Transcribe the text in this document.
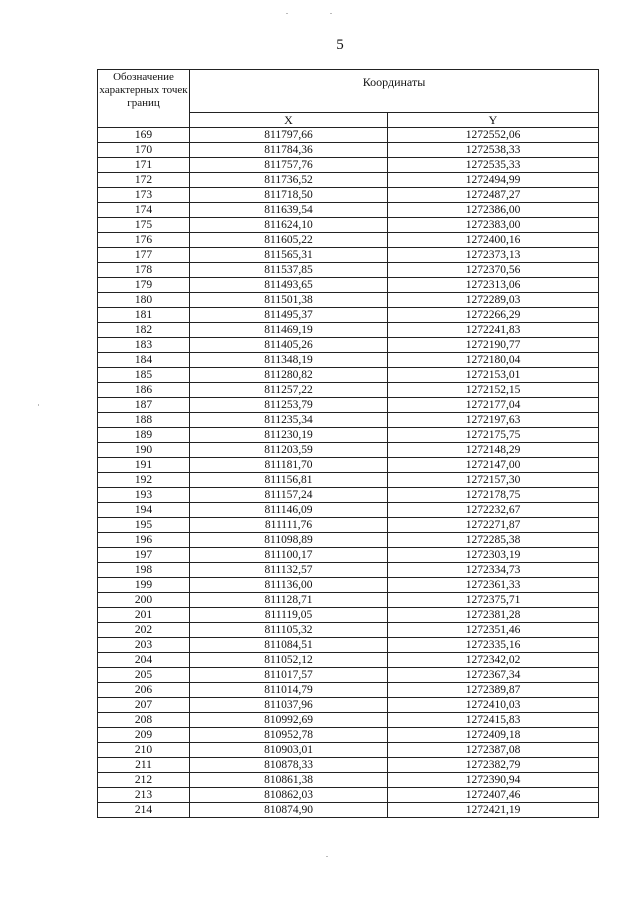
5
Обозначение характерных точек границ	Координаты	
	X	Y
169	811797,66	1272552,06
170	811784,36	1272538,33
171	811757,76	1272535,33
172	811736,52	1272494,99
173	811718,50	1272487,27
174	811639,54	1272386,00
175	811624,10	1272383,00
176	811605,22	1272400,16
177	811565,31	1272373,13
178	811537,85	1272370,56
179	811493,65	1272313,06
180	811501,38	1272289,03
181	811495,37	1272266,29
182	811469,19	1272241,83
183	811405,26	1272190,77
184	811348,19	1272180,04
185	811280,82	1272153,01
186	811257,22	1272152,15
187	811253,79	1272177,04
188	811235,34	1272197,63
189	811230,19	1272175,75
190	811203,59	1272148,29
191	811181,70	1272147,00
192	811156,81	1272157,30
193	811157,24	1272178,75
194	811146,09	1272232,67
195	811111,76	1272271,87
196	811098,89	1272285,38
197	811100,17	1272303,19
198	811132,57	1272334,73
199	811136,00	1272361,33
200	811128,71	1272375,71
201	811119,05	1272381,28
202	811105,32	1272351,46
203	811084,51	1272335,16
204	811052,12	1272342,02
205	811017,57	1272367,34
206	811014,79	1272389,87
207	811037,96	1272410,03
208	810992,69	1272415,83
209	810952,78	1272409,18
210	810903,01	1272387,08
211	810878,33	1272382,79
212	810861,38	1272390,94
213	810862,03	1272407,46
214	810874,90	1272421,19
